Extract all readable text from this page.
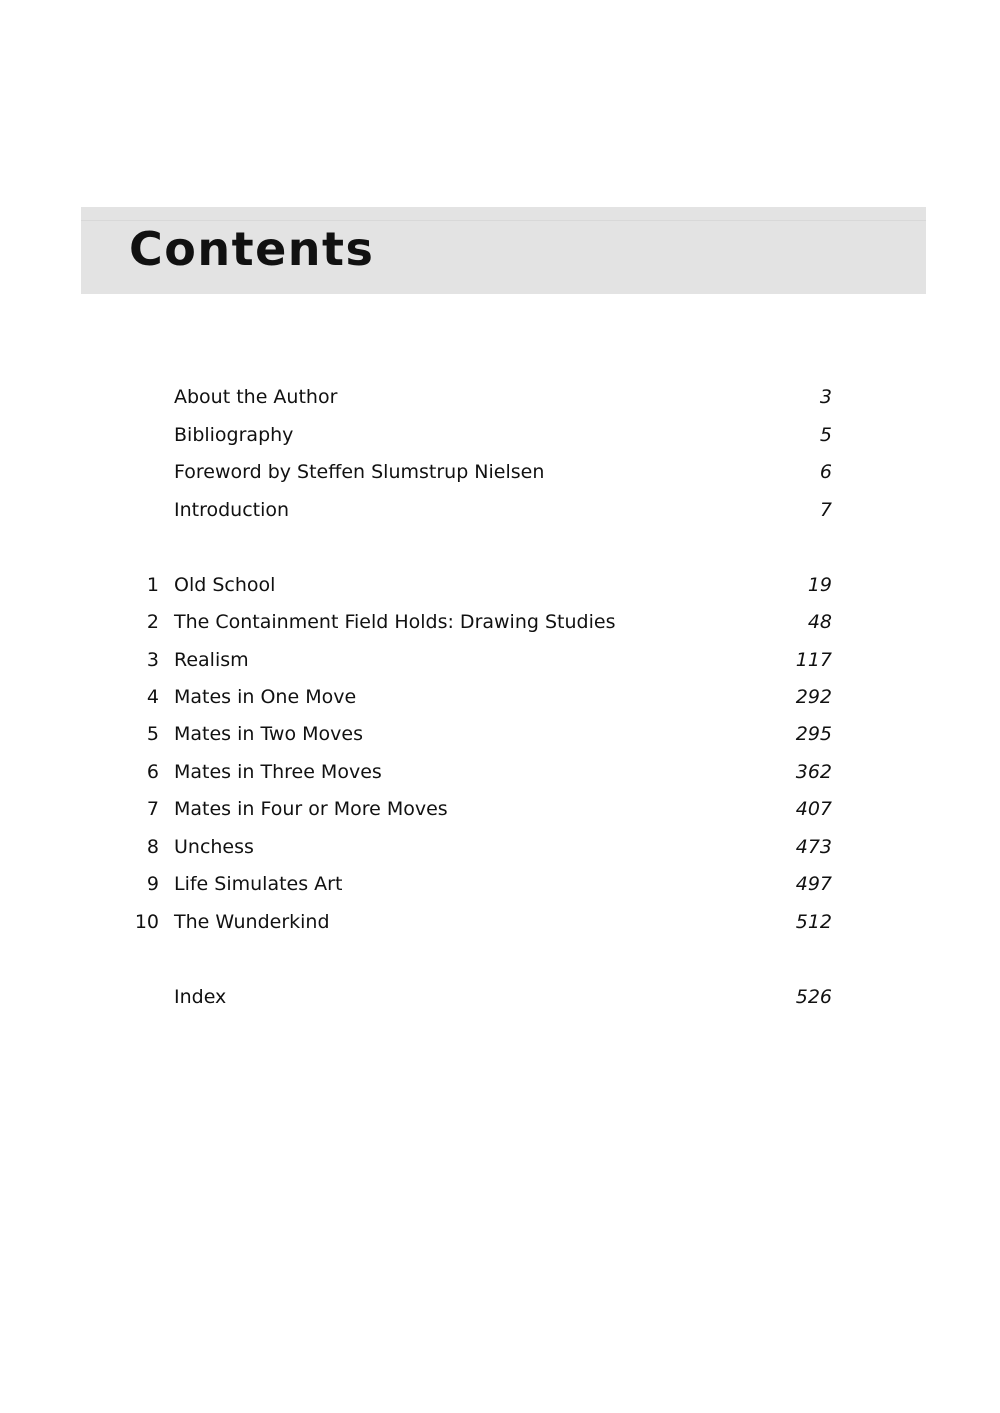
Contents
About the Author	3
Bibliography	5
Foreword by Steffen Slumstrup Nielsen	6
Introduction	7
1 Old School	19
2 The Containment Field Holds: Drawing Studies	48
3 Realism	117
4 Mates in One Move	292
5 Mates in Two Moves	295
6 Mates in Three Moves	362
7 Mates in Four or More Moves	407
8 Unchess	473
9 Life Simulates Art	497
10 The Wunderkind	512
Index	526
